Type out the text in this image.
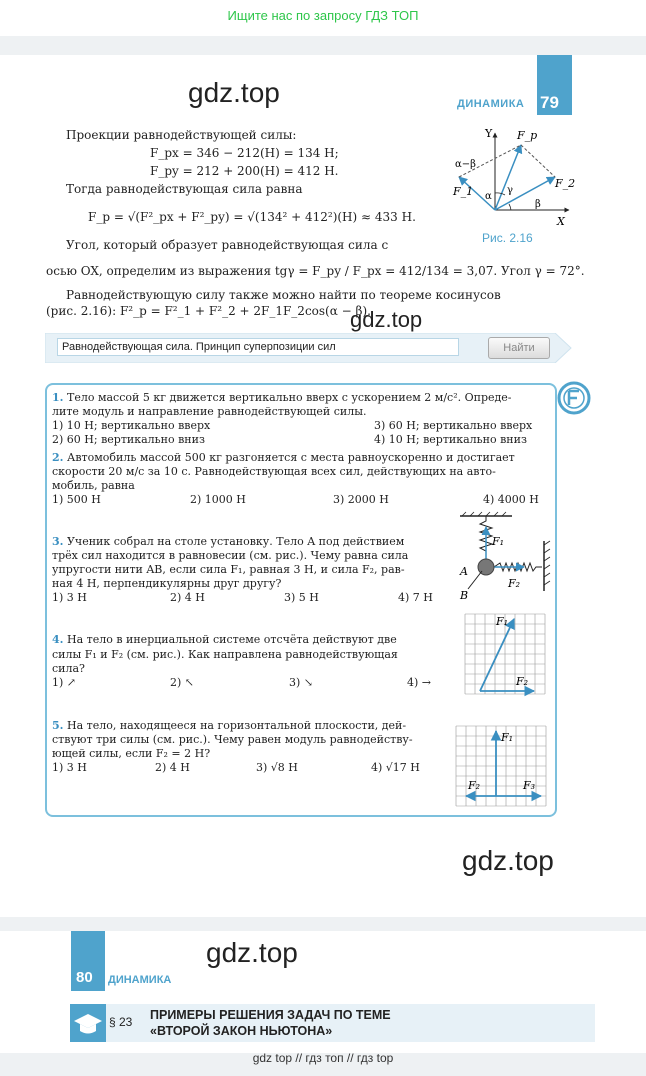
Ищите нас по запросу ГДЗ ТОП
gdz.top	79
ДИНАМИКА
Проекции равнодействующей силы:
F_px = 346 − 212(Н) = 134 Н;
F_py = 212 + 200(Н) = 412 Н.
Тогда равнодействующая сила равна
F_р = √(F²_px + F²_py) = √(134² + 412²)(Н) ≈ 433 Н.
Угол, который образует равнодействующая сила с
осью OX, определим из выражения tgγ = F_py / F_px = 412/134 = 3,07. Угол γ = 72°.
Равнодействующую силу также можно найти по теореме косинусов
(рис. 2.16): F²_р = F²_1 + F²_2 + 2F_1F_2cos(α − β).
gdz.top
Y
X
F_р
F_1
F_2
α−β
α
γ
β
Рис. 2.16
Равнодействующая сила. Принцип суперпозиции сил
Найти
1. Тело массой 5 кг движется вертикально вверх с ускорением 2 м/с². Опреде-
лите модуль и направление равнодействующей силы.
1) 10 Н; вертикально вверх	3) 60 Н; вертикально вверх
2) 60 Н; вертикально вниз	4) 10 Н; вертикально вниз
2. Автомобиль массой 500 кг разгоняется с места равноускоренно и достигает
скорости 20 м/с за 10 с. Равнодействующая всех сил, действующих на авто-
мобиль, равна
1) 500 Н	2) 1000 Н	3) 2000 Н	4) 4000 Н
3. Ученик собрал на столе установку. Тело A под действием
трёх сил находится в равновесии (см. рис.). Чему равна сила
упругости нити AB, если сила F₁, равная 3 Н, и сила F₂, рав-
ная 4 Н, перпендикулярны друг другу?
1) 3 Н	2) 4 Н	3) 5 Н	4) 7 Н
F₁
F₂
A
B
4. На тело в инерциальной системе отсчёта действуют две
силы F₁ и F₂ (см. рис.). Как направлена равнодействующая
сила?
1) ↗	2) ↖	3) ↘	4) →
F₁
F₂
5. На тело, находящееся на горизонтальной плоскости, дей-
ствуют три силы (см. рис.). Чему равен модуль равнодейству-
ющей силы, если F₂ = 2 Н?
1) 3 Н	2) 4 Н	3) √8 Н	4) √17 Н
F₁
F₂	F₃
gdz.top
80 ДИНАМИКА
gdz.top
§ 23 ПРИМЕРЫ РЕШЕНИЯ ЗАДАЧ ПО ТЕМЕ
«ВТОРОЙ ЗАКОН НЬЮТОНА»
gdz top // гдз топ // гдз top
